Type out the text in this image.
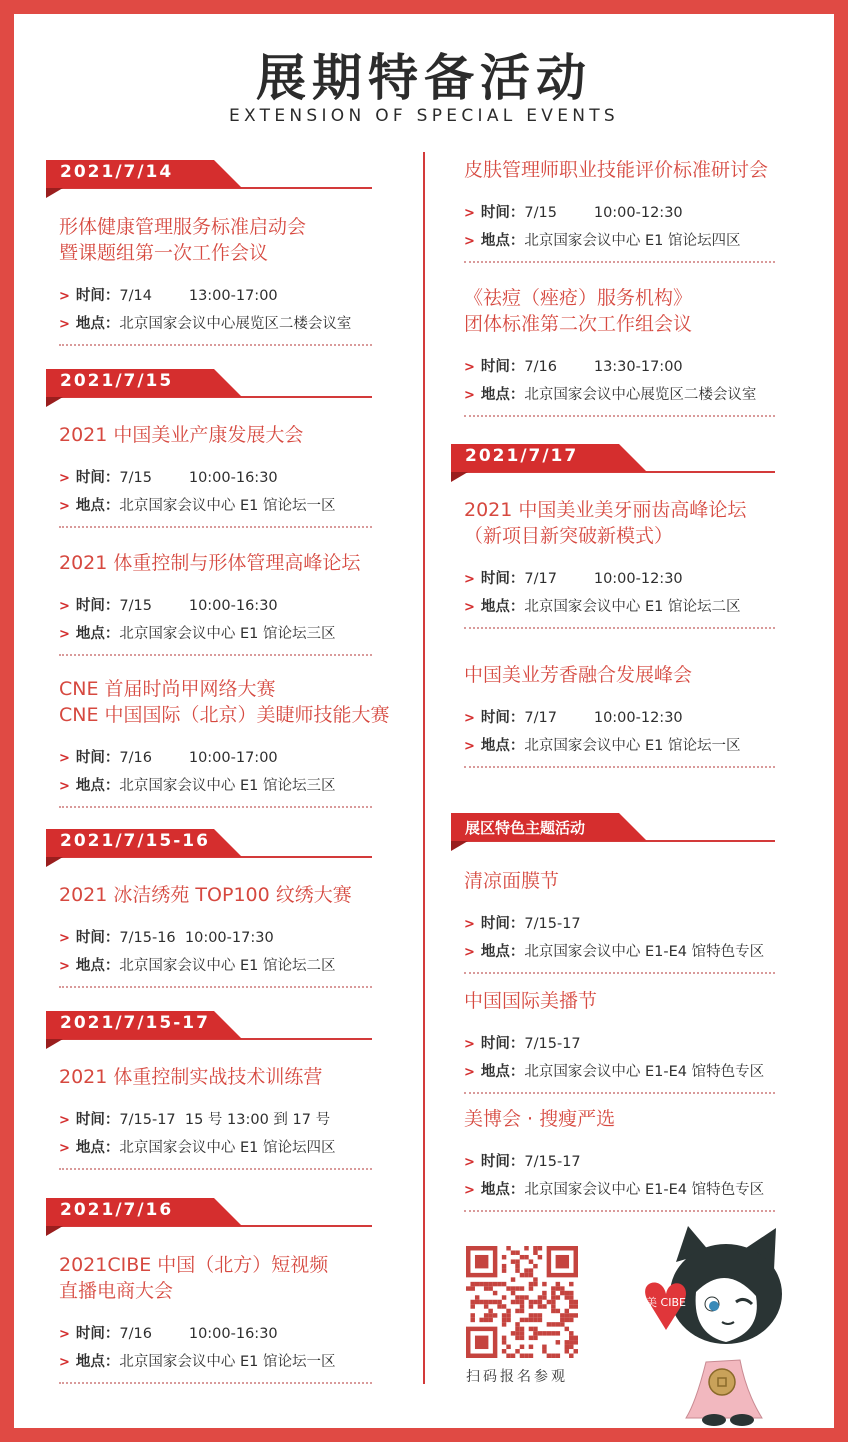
展期特备活动
EXTENSION OF SPECIAL EVENTS
2021/7/14
形体健康管理服务标准启动会
暨课题组第一次工作会议
> 时间：7/14        13:00-17:00
> 地点：北京国家会议中心展览区二楼会议室
2021/7/15
2021 中国美业产康发展大会
> 时间：7/15        10:00-16:30
> 地点：北京国家会议中心 E1 馆论坛一区
2021 体重控制与形体管理高峰论坛
> 时间：7/15        10:00-16:30
> 地点：北京国家会议中心 E1 馆论坛三区
CNE 首届时尚甲网络大赛
CNE 中国国际（北京）美睫师技能大赛
> 时间：7/16        10:00-17:00
> 地点：北京国家会议中心 E1 馆论坛三区
2021/7/15-16
2021 冰洁绣苑 TOP100 纹绣大赛
> 时间：7/15-16  10:00-17:30
> 地点：北京国家会议中心 E1 馆论坛二区
2021/7/15-17
2021 体重控制实战技术训练营
> 时间：7/15-17  15 号 13:00 到 17 号
> 地点：北京国家会议中心 E1 馆论坛四区
2021/7/16
2021CIBE 中国（北方）短视频
直播电商大会
> 时间：7/16        10:00-16:30
> 地点：北京国家会议中心 E1 馆论坛一区
皮肤管理师职业技能评价标准研讨会
> 时间：7/15        10:00-12:30
> 地点：北京国家会议中心 E1 馆论坛四区
《祛痘（痤疮）服务机构》
团体标准第二次工作组会议
> 时间：7/16        13:30-17:00
> 地点：北京国家会议中心展览区二楼会议室
2021/7/17
2021 中国美业美牙丽齿高峰论坛
（新项目新突破新模式）
> 时间：7/17        10:00-12:30
> 地点：北京国家会议中心 E1 馆论坛二区
中国美业芳香融合发展峰会
> 时间：7/17        10:00-12:30
> 地点：北京国家会议中心 E1 馆论坛一区
展区特色主题活动
清凉面膜节
> 时间：7/15-17
> 地点：北京国家会议中心 E1-E4 馆特色专区
中国国际美播节
> 时间：7/15-17
> 地点：北京国家会议中心 E1-E4 馆特色专区
美博会 · 搜瘦严选
> 时间：7/15-17
> 地点：北京国家会议中心 E1-E4 馆特色专区
扫码报名参观
美 CIBE
